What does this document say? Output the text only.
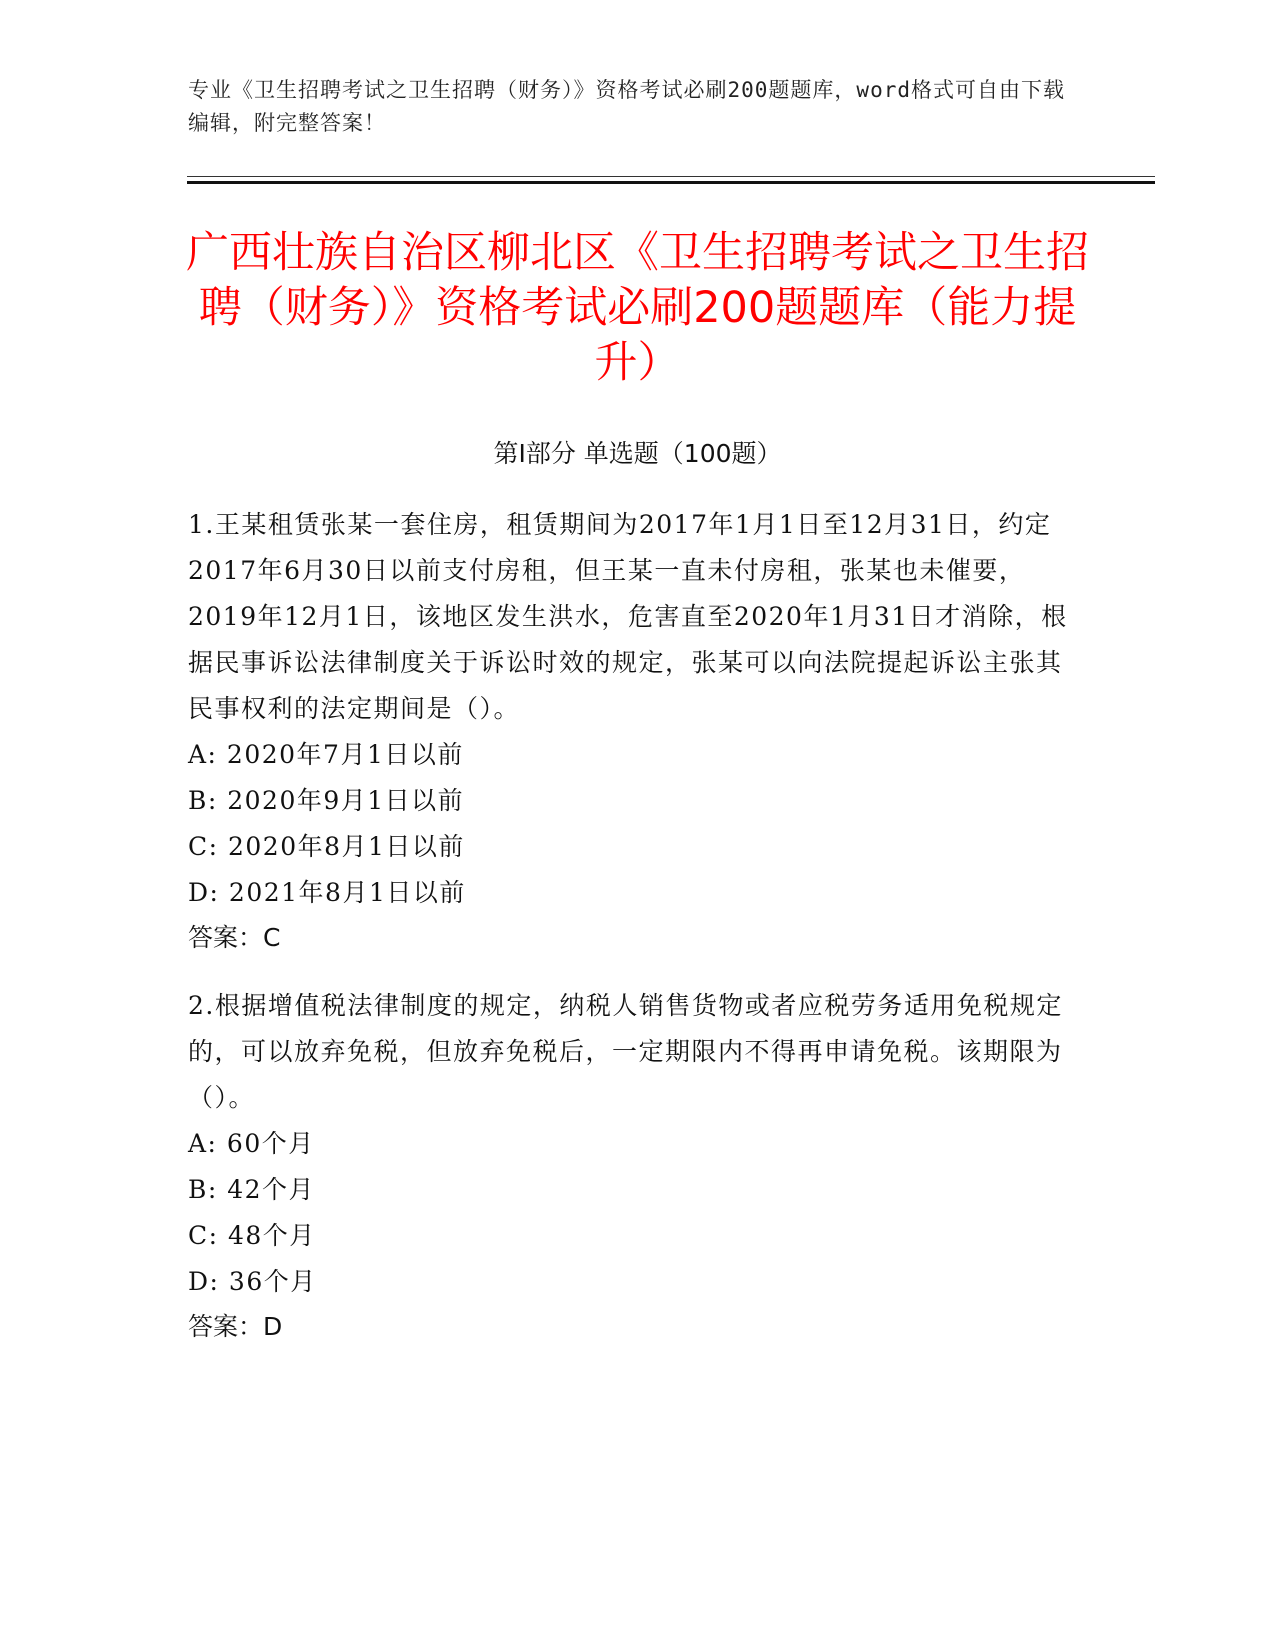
专业《卫生招聘考试之卫生招聘（财务）》资格考试必刷200题题库，word格式可自由下载编辑，附完整答案！
广西壮族自治区柳北区《卫生招聘考试之卫生招聘（财务）》资格考试必刷200题题库（能力提升）
第I部分 单选题（100题）

1.王某租赁张某一套住房，租赁期间为2017年1月1日至12月31日，约定2017年6月30日以前支付房租，但王某一直未付房租，张某也未催要，2019年12月1日，该地区发生洪水，危害直至2020年1月31日才消除，根据民事诉讼法律制度关于诉讼时效的规定，张某可以向法院提起诉讼主张其民事权利的法定期间是（）。

A: 2020年7月1日以前

B: 2020年9月1日以前

C: 2020年8月1日以前

D: 2021年8月1日以前

答案：C

2.根据增值税法律制度的规定，纳税人销售货物或者应税劳务适用免税规定的，可以放弃免税，但放弃免税后，一定期限内不得再申请免税。该期限为（）。

A: 60个月

B: 42个月

C: 48个月

D: 36个月

答案：D
